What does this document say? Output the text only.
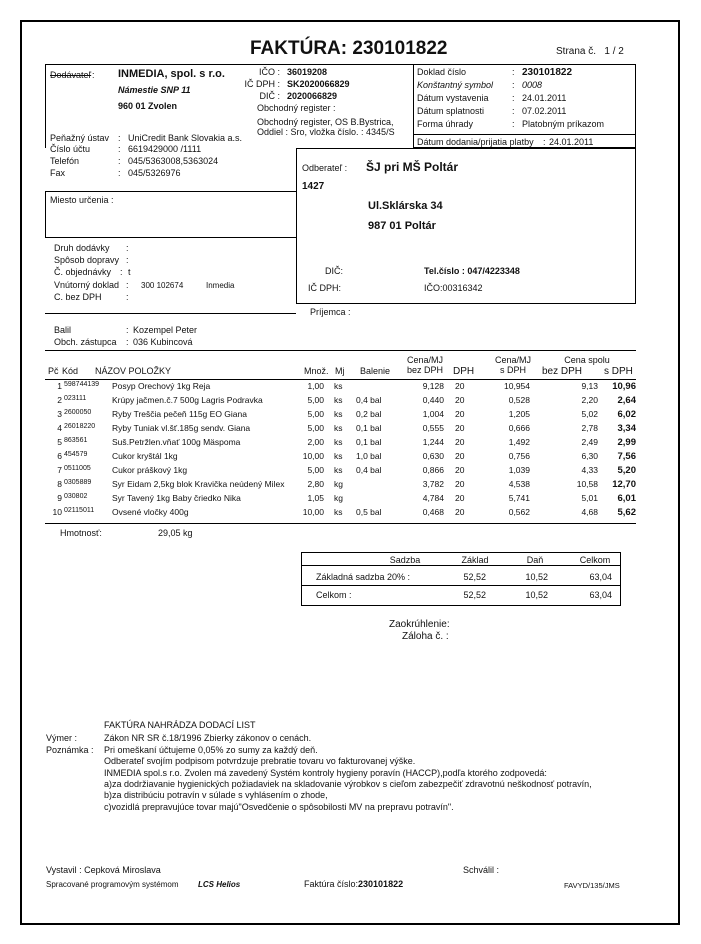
FAKTÚRA: 230101822	Strana č. 1 / 2
Dodávateľ : INMEDIA, spol. s r.o.
Námestie SNP 11
960 01 Zvolen
IČO : 36019208
IČ DPH : SK2020066829
DIČ : 2020066829
Obchodný register :
Obchodný register, OS B.Bystrica,
Oddiel : Sro, vložka číslo. : 4345/S
Peňažný ústav : UniCredit Bank Slovakia a.s.
Číslo účtu	: 6619429000 /1111
Telefón	: 045/5363008,5363024
Fax	: 045/5326976
Doklad číslo	: 230101822
Konštantný symbol : 0008
Dátum vystavenia	: 24.01.2011
Dátum splatnosti	: 07.02.2011
Forma úhrady	: Platobným príkazom
Dátum dodania/prijatia platby : 24.01.2011
Odberateľ : ŠJ pri MŠ Poltár
1427
Ul.Sklárska 34
987 01 Poltár
DIČ:
IČ DPH:
Tel.číslo : 047/4223348
IČO:00316342
Príjemca :
Miesto určenia :
Druh dodávky :
Spôsob dopravy :
Č. objednávky : t
Vnútorný doklad : 300 102674	Inmedia
C. bez DPH	:
Balil	: Kozempel Peter
Obch. zástupca : 036 Kubincová
Cena/MJ
bez DPH
Cena/MJ
s DPH
Cena spolu
Pč Kód NÁZOV POLOŽKY	Množ. Mj Balenie	DPH	bez DPH s DPH
1 598744139	Posyp Orechový 1kg Reja	1,00 ks	9,128 20	10,954	9,13	10,96
2 023111	Krúpy jačmen.č.7 500g Lagris Podravka	5,00 ks	0,4 bal	0,440 20	0,528	2,20	2,64
3 2600050	Ryby Treščia pečeň 115g EO Giana	5,00 ks	0,2 bal	1,004 20	1,205	5,02	6,02
4 26018220	Ryby Tuniak vl.šť.185g sendv. Giana	5,00 ks	0,1 bal	0,555 20	0,666	2,78	3,34
5 863561	Suš.Petržlen.vňať 100g Mäspoma	2,00 ks	0,1 bal	1,244 20	1,492	2,49	2,99
6 454579	Cukor kryštál 1kg	10,00 ks	1,0 bal	0,630 20	0,756	6,30	7,56
7 0511005	Cukor práškový 1kg	5,00 ks	0,4 bal	0,866 20	1,039	4,33	5,20
8 0305889	Syr Eidam 2,5kg blok Kravička neúdený Milex	2,80 kg	3,782 20	4,538	10,58	12,70
9 030802	Syr Tavený 1kg Baby čriedko Nika	1,05 kg	4,784 20	5,741	5,01	6,01
10 02115011	Ovsené vločky 400g	10,00 ks	0,5 bal	0,468 20	0,562	4,68	5,62
Hmotnosť:	29,05 kg
Sadzba	Základ	Daň	Celkom
Základná sadzba 20% :	52,52	10,52	63,04
Celkom :	52,52	10,52	63,04
Zaokrúhlenie:
Záloha č. :
FAKTÚRA NAHRÁDZA DODACÍ LIST
Výmer :	Zákon NR SR č.18/1996 Zbierky zákonov o cenách.
Poznámka : Pri omeškaní účtujeme 0,05% zo sumy za každý deň.
Odberateľ svojím podpisom potvrdzuje prebratie tovaru vo fakturovanej výške.
INMEDIA spol.s r.o. Zvolen má zavedený Systém kontroly hygieny poravín (HACCP),podľa ktorého zodpovedá:
a)za dodržiavanie hygienických požiadaviek na skladovanie výrobkov s cieľom zabezpečiť zdravotnú neškodnosť potravín,
b)za distribúciu potravín v súlade s vyhlásením o zhode,
c)vozidlá prepravujúce tovar majú"Osvedčenie o spôsobilosti MV na prepravu potravín".
Vystavil : Cepková Miroslava	Schválil :
Spracované programovým systémom LCS Helios	Faktúra číslo:230101822	FAVYD/135/JMS
